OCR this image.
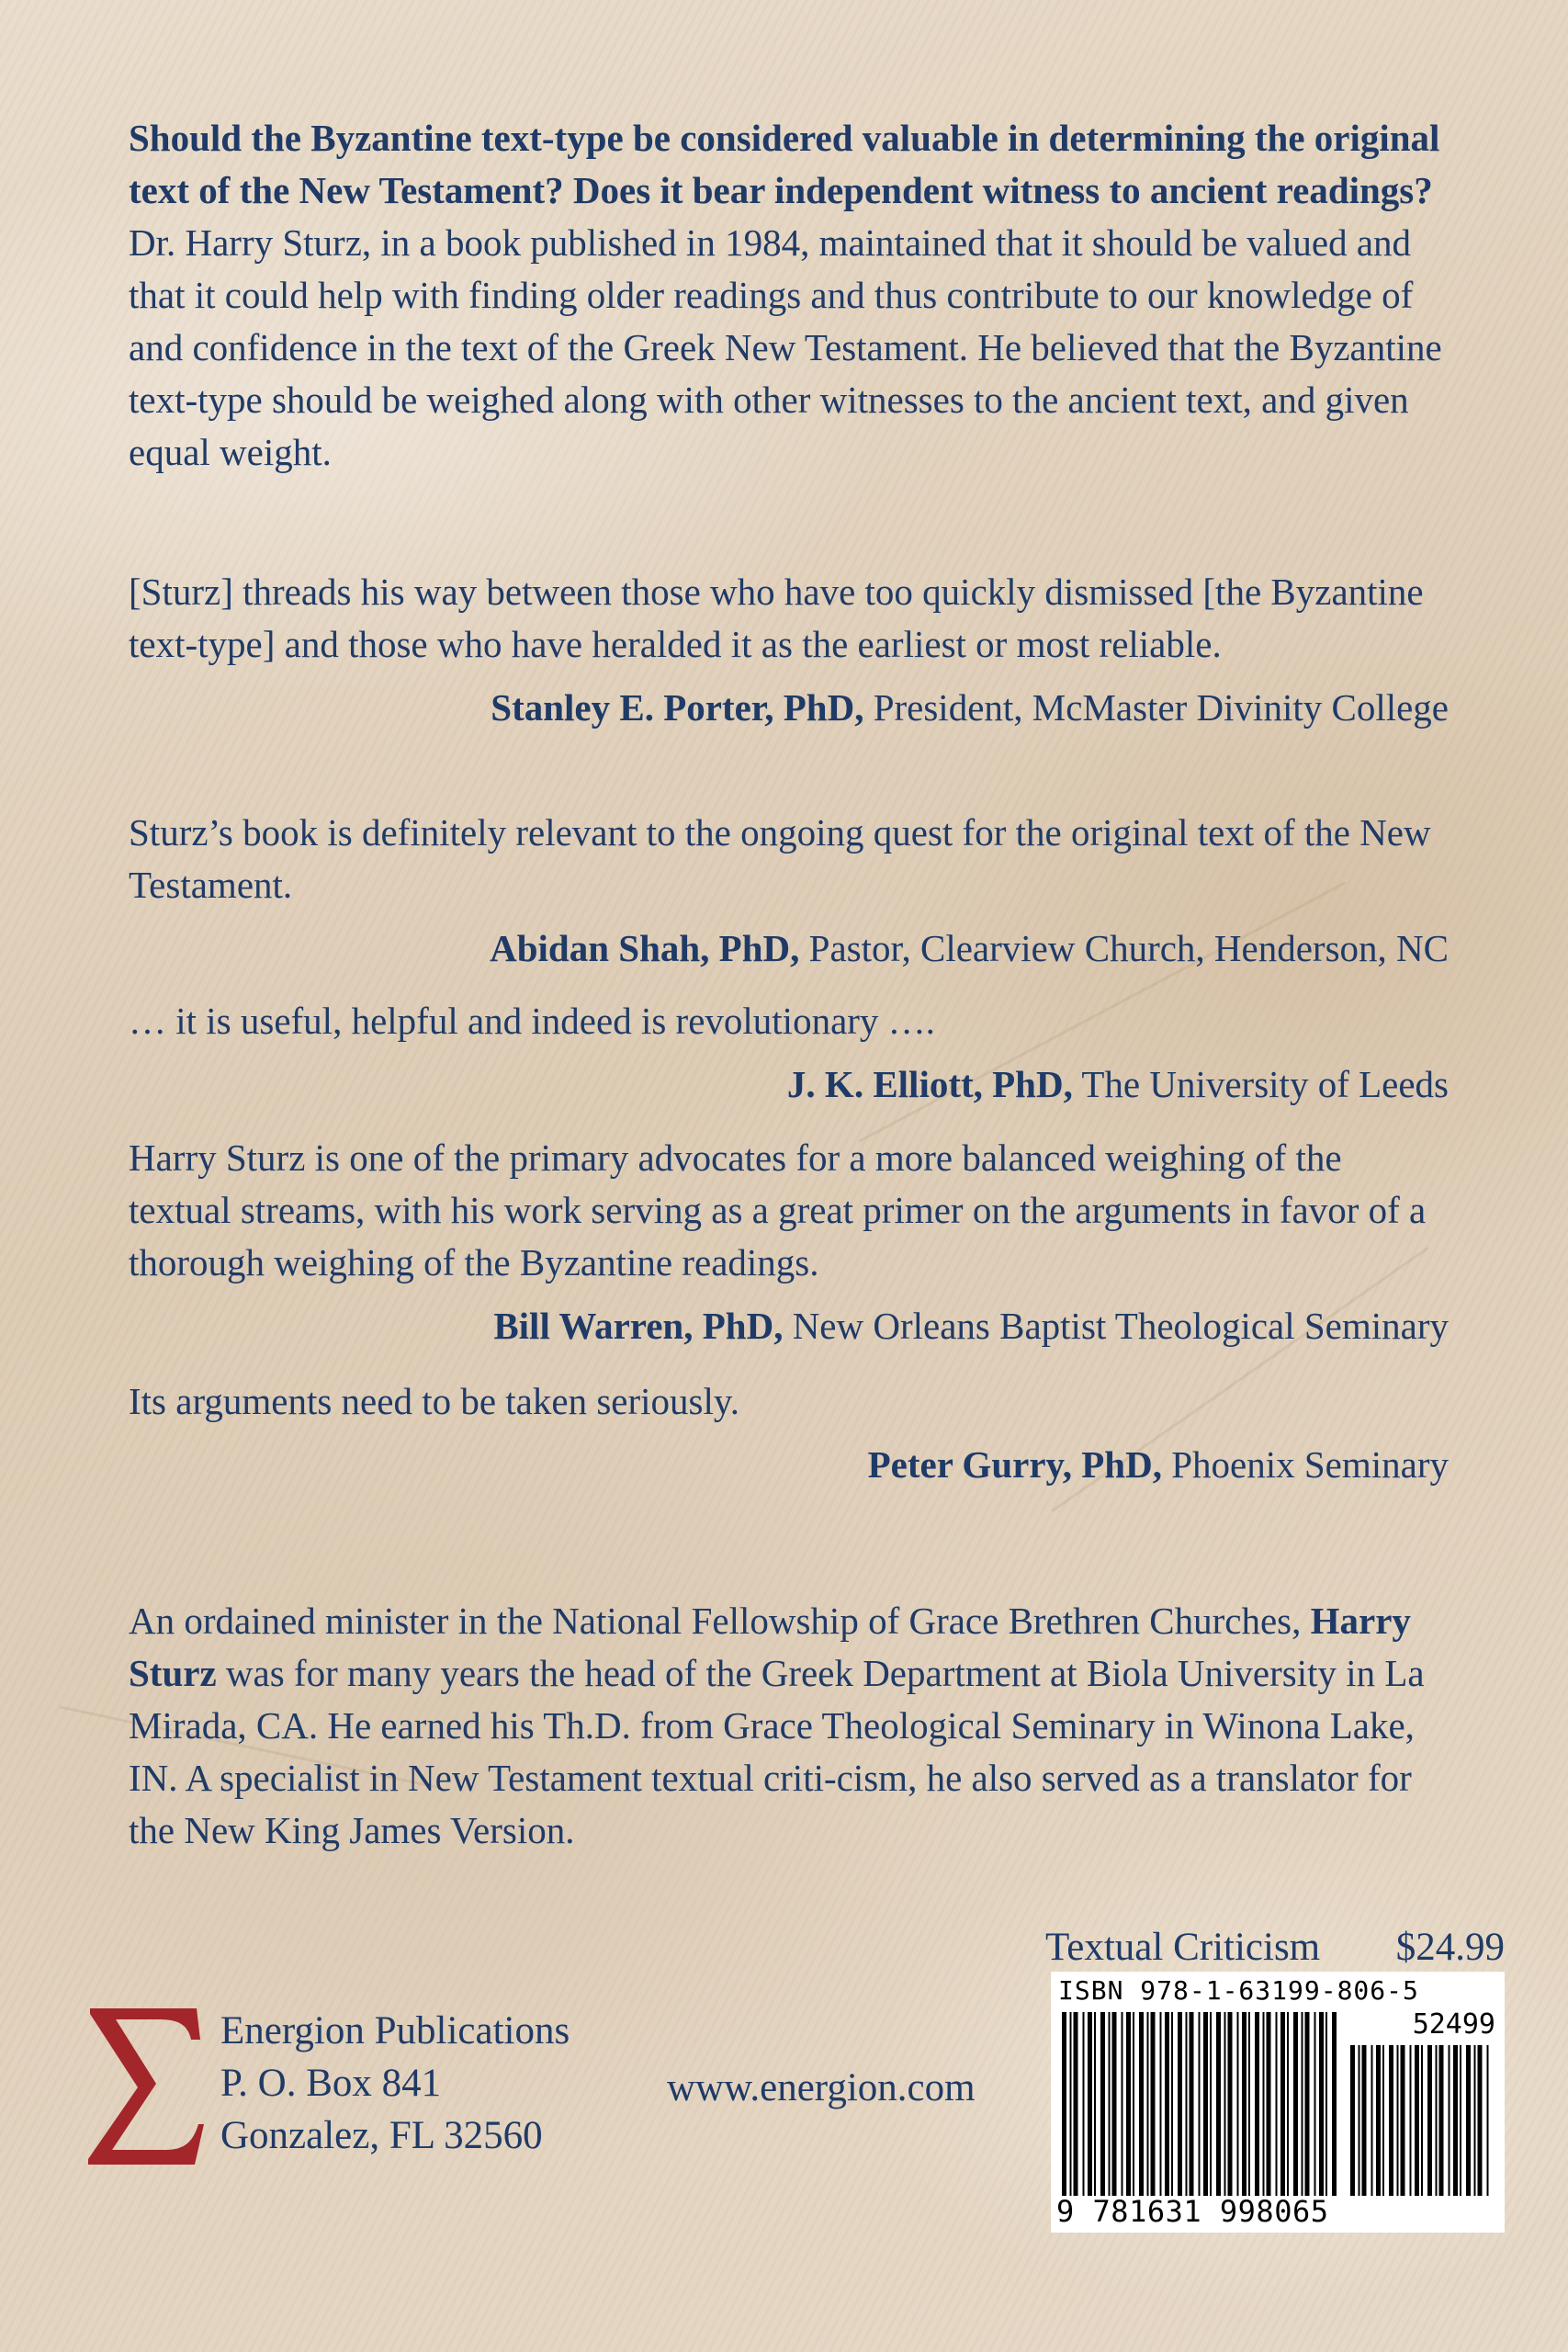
Should the Byzantine text-type be considered valuable in determining the original text of the New Testament? Does it bear independent witness to ancient readings? Dr. Harry Sturz, in a book published in 1984, maintained that it should be valued and that it could help with finding older readings and thus contribute to our knowledge of and confidence in the text of the Greek New Testament. He believed that the Byzantine text-type should be weighed along with other witnesses to the ancient text, and given equal weight.

[Sturz] threads his way between those who have too quickly dismissed [the Byzantine text-type] and those who have heralded it as the earliest or most reliable.

Stanley E. Porter, PhD, President, McMaster Divinity College

Sturz’s book is definitely relevant to the ongoing quest for the original text of the New Testament.

Abidan Shah, PhD, Pastor, Clearview Church, Henderson, NC

… it is useful, helpful and indeed is revolutionary ….

J. K. Elliott, PhD, The University of Leeds

Harry Sturz is one of the primary advocates for a more balanced weighing of the textual streams, with his work serving as a great primer on the arguments in favor of a thorough weighing of the Byzantine readings.

Bill Warren, PhD, New Orleans Baptist Theological Seminary

Its arguments need to be taken seriously.

Peter Gurry, PhD, Phoenix Seminary

An ordained minister in the National Fellowship of Grace Brethren Churches, Harry Sturz was for many years the head of the Greek Department at Biola University in La Mirada, CA. He earned his Th.D. from Grace Theological Seminary in Winona Lake, IN. A specialist in New Testament textual criti-cism, he also served as a translator for the New King James Version.

Energion Publications
P. O. Box 841
Gonzalez, FL 32560
www.energion.com
Textual Criticism $24.99
ISBN 978-1-63199-806-5
52499
9 781631 998065
